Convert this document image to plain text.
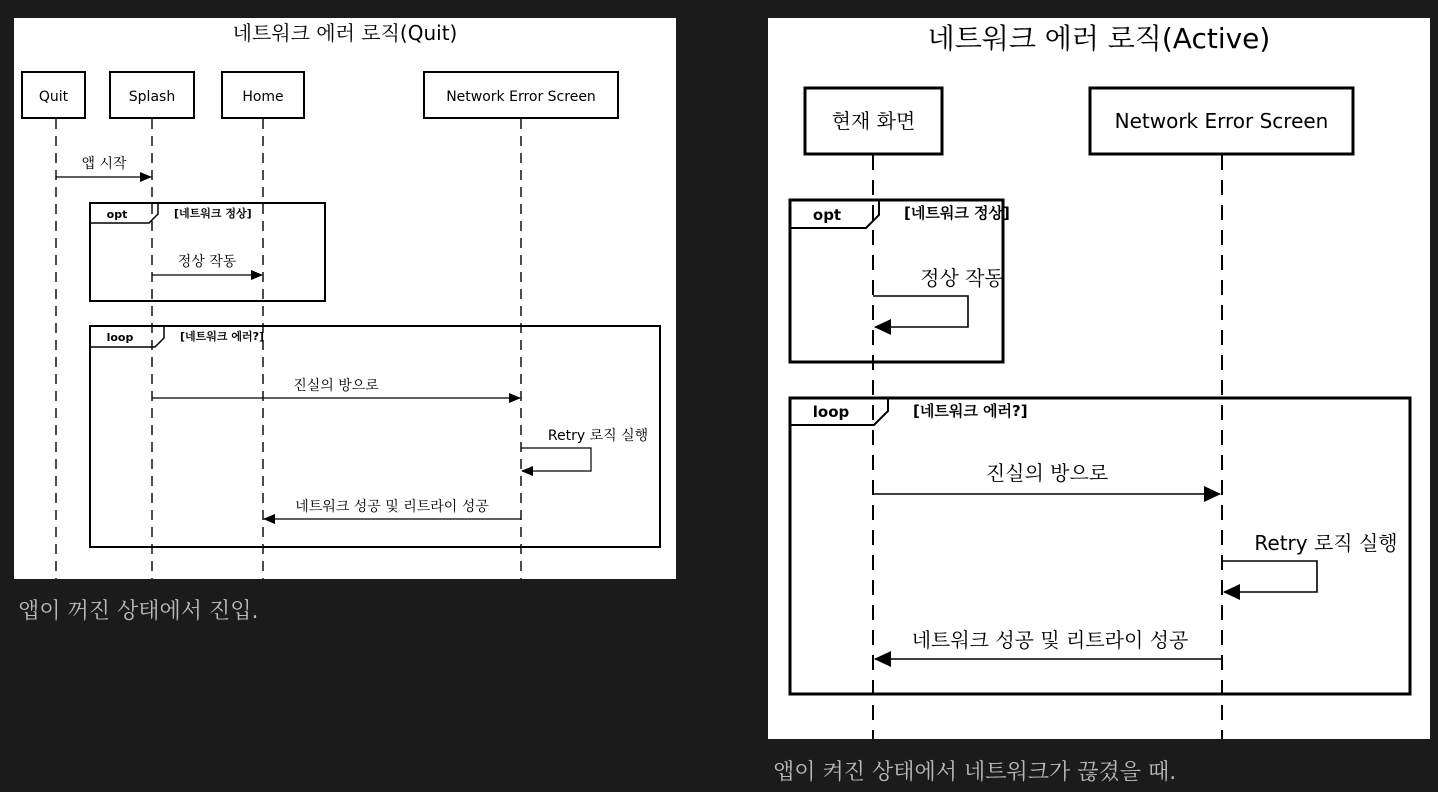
네트워크 에러 로직(Quit)
Quit	Splash	Home	Network Error Screen
앱 시작
opt	[네트워크 정상]
정상 작동
loop	[네트워크 에러?]
진실의 방으로
Retry 로직 실행
네트워크 성공 및 리트라이 성공
앱이 꺼진 상태에서 진입.
네트워크 에러 로직(Active)
현재 화면	Network Error Screen
opt	[네트워크 정상]
정상 작동
loop	[네트워크 에러?]
진실의 방으로
Retry 로직 실행
네트워크 성공 및 리트라이 성공
앱이 켜진 상태에서 네트워크가 끊겼을 때.
